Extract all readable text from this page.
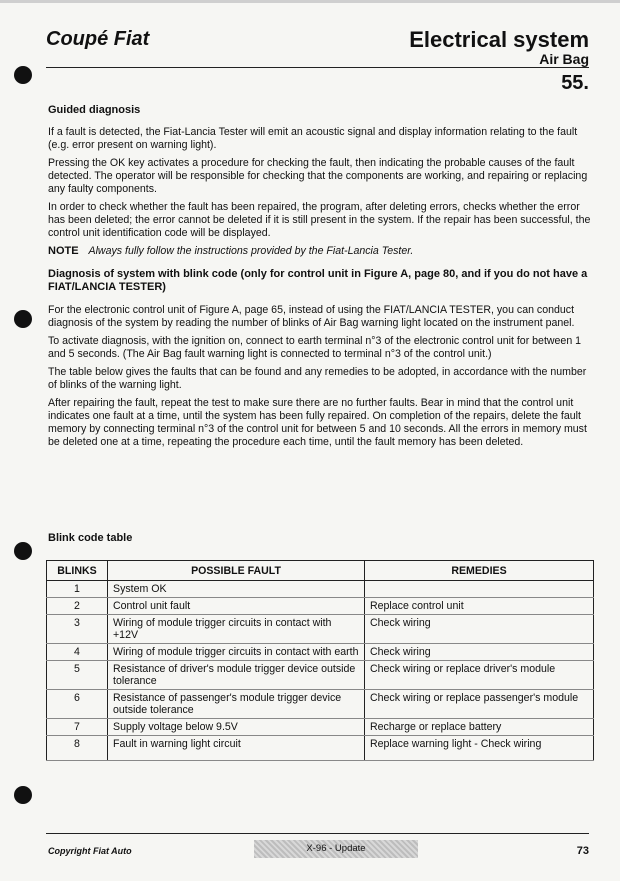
Coupé Fiat	Electrical system
Air Bag
55.
Guided diagnosis

If a fault is detected, the Fiat-Lancia Tester will emit an acoustic signal and display information relating to the fault (e.g. error present on warning light).

Pressing the OK key activates a procedure for checking the fault, then indicating the probable causes of the fault detected. The operator will be responsible for checking that the components are working, and repairing or replacing any faulty components.

In order to check whether the fault has been repaired, the program, after deleting errors, checks whether the error has been deleted; the error cannot be deleted if it is still present in the system. If the repair has been successful, the control unit identification code will be displayed.

NOTE Always fully follow the instructions provided by the Fiat-Lancia Tester.

Diagnosis of system with blink code (only for control unit in Figure A, page 80, and if you do not have a FIAT/LANCIA TESTER)

For the electronic control unit of Figure A, page 65, instead of using the FIAT/LANCIA TESTER, you can conduct diagnosis of the system by reading the number of blinks of Air Bag warning light located on the instrument panel.

To activate diagnosis, with the ignition on, connect to earth terminal n°3 of the electronic control unit for between 1 and 5 seconds. (The Air Bag fault warning light is connected to terminal n°3 of the control unit.)

The table below gives the faults that can be found and any remedies to be adopted, in accordance with the number of blinks of the warning light.

After repairing the fault, repeat the test to make sure there are no further faults. Bear in mind that the control unit indicates one fault at a time, until the system has been fully repaired. On completion of the repairs, delete the fault memory by connecting terminal n°3 of the control unit for between 5 and 10 seconds. All the errors in memory must be deleted one at a time, repeating the procedure each time, until the fault memory has been deleted.

Blink code table
BLINKS	POSSIBLE FAULT	REMEDIES
1	System OK	
2	Control unit fault	Replace control unit
3	Wiring of module trigger circuits in contact with +12V	Check wiring
4	Wiring of module trigger circuits in contact with earth	Check wiring
5	Resistance of driver's module trigger device outside tolerance	Check wiring or replace driver's module
6	Resistance of passenger's module trigger device outside tolerance	Check wiring or replace passenger's module
7	Supply voltage below 9.5V	Recharge or replace battery
8	Fault in warning light circuit	Replace warning light - Check wiring
Copyright Fiat Auto	X-96 - Update	73
